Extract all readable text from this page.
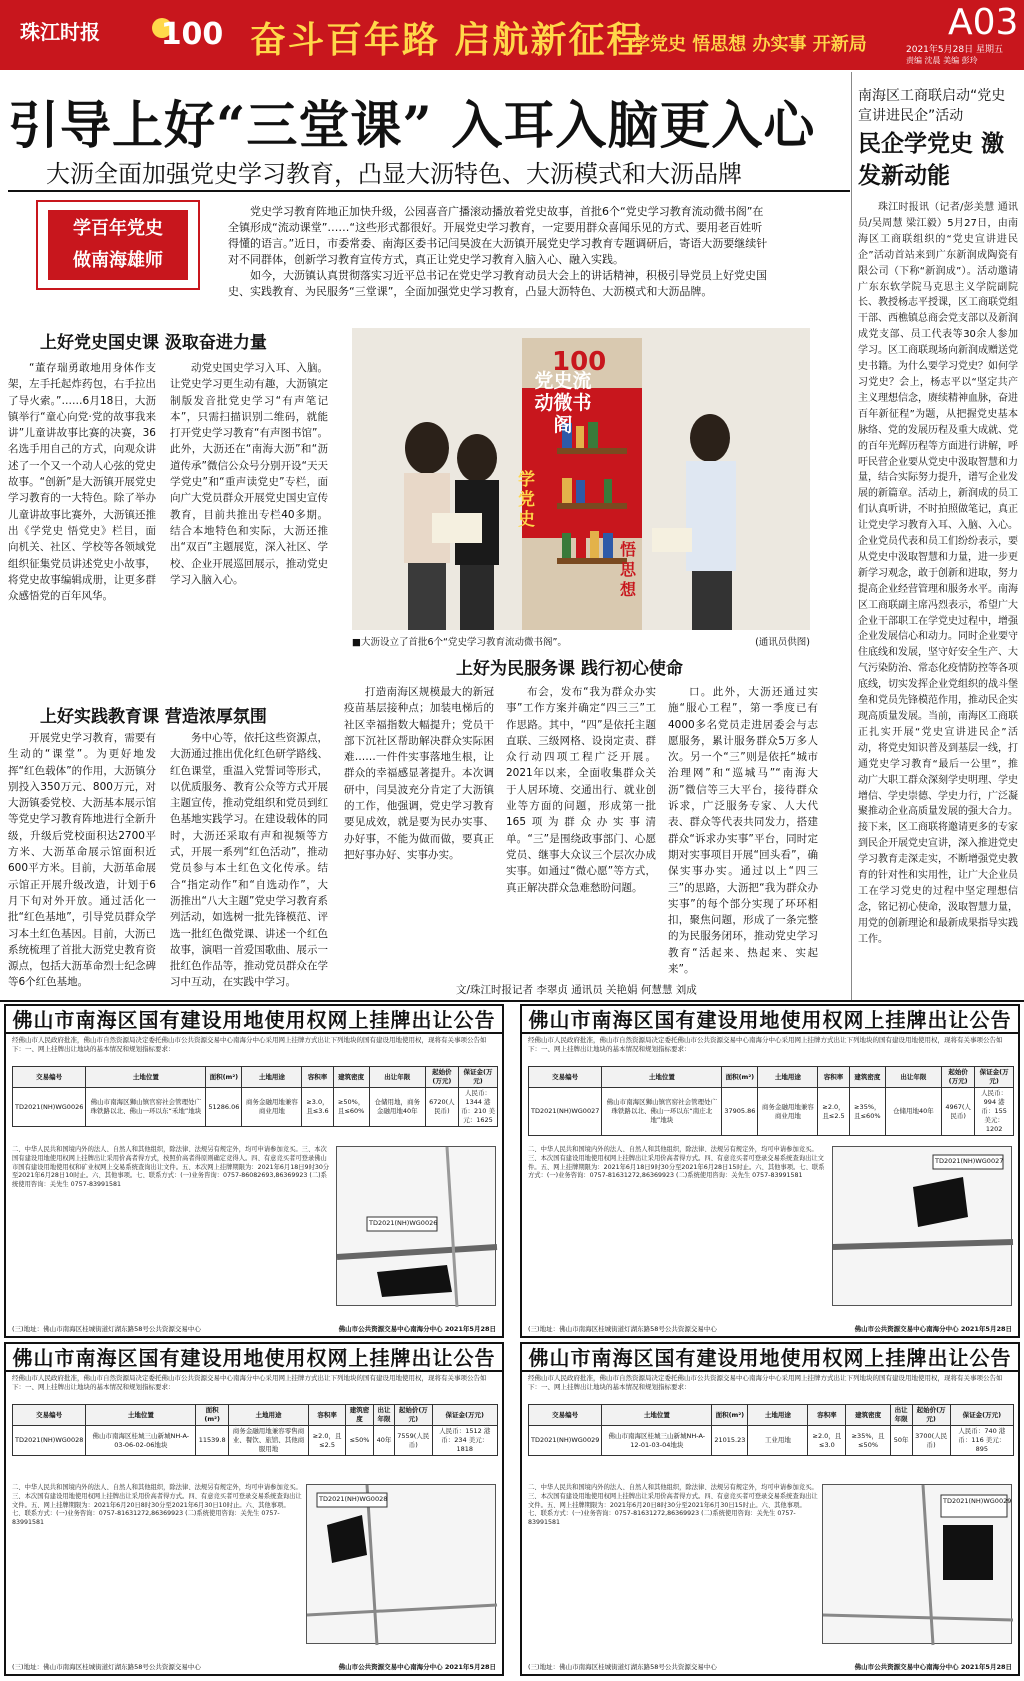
珠江时报 100 奋斗百年路 启航新征程
学党史 悟思想 办实事 开新局
A03
2021年5月28日 星期五
责编 沈晨 美编 彭玲
引导上好“三堂课” 入耳入脑更入心
大沥全面加强党史学习教育，凸显大沥特色、大沥模式和大沥品牌
学百年党史
做南海雄师

党史学习教育阵地正加快升级，公园喜音广播滚动播放着党史故事，首批6个“党史学习教育流动微书阁”在全镇形成“流动课堂”……“这些形式都很好。开展党史学习教育，一定要用群众喜闻乐见的方式、要用老百姓听得懂的语言。”近日，市委常委、南海区委书记闫昊波在大沥镇开展党史学习教育专题调研后，寄语大沥要继续针对不同群体，创新学习教育宣传方式，真正让党史学习教育入脑入心、融入实践。

如今，大沥镇认真贯彻落实习近平总书记在党史学习教育动员大会上的讲话精神，积极引导党员上好党史国史、实践教育、为民服务“三堂课”，全面加强党史学习教育，凸显大沥特色、大沥模式和大沥品牌。

上好党史国史课 汲取奋进力量
“董存瑞勇敢地用身体作支架，左手托起炸药包，右手拉出了导火索。”……6月18日，大沥镇举行“童心向党·党的故事我来讲”儿童讲故事比赛的决赛，36名选手用自己的方式，向观众讲述了一个又一个动人心弦的党史故事。“创新”是大沥镇开展党史学习教育的一大特色。除了举办儿童讲故事比赛外，大沥镇还推出《学党史 悟党史》栏目，面向机关、社区、学校等各领域党组织征集党员讲述党史小故事，将党史故事编辑成册，让更多群众感悟党的百年风华。
动党史国史学习入耳、入脑。让党史学习更生动有趣，大沥镇定制版发音批党史学习“有声笔记本”，只需扫描识别二维码，就能打开党史学习教育“有声图书馆”。此外，大沥还在“南海大沥”和“沥道传承”微信公众号分别开设“天天学党史”和“重声读党史”专栏，面向广大党员群众开展党史国史宣传教育，目前共推出专栏40多期。结合本地特色和实际，大沥还推出“双百”主题展览，深入社区、学校、企业开展巡回展示，推动党史学习入脑入心。
100
党史流动微书阁
学党史
悟思想
■大沥设立了首批6个“党史学习教育流动微书阁”。	(通讯员供图)
上好实践教育课 营造浓厚氛围
开展党史学习教育，需要有生动的“课堂”。为更好地发挥“红色载体”的作用，大沥镇分别投入350万元、800万元，对大沥镇委党校、大沥基本展示馆等党史学习教育阵地进行全新升级，升级后党校面积达2700平方米、大沥革命展示馆面积近600平方米。目前，大沥革命展示馆正开展升级改造，计划于6月下旬对外开放。通过活化一批“红色基地”，引导党员群众学习本土红色基因。目前，大沥已系统梳理了首批大沥党史教育资源点，包括大沥革命烈士纪念碑等6个红色基地。
务中心等，依托这些资源点，大沥通过推出优化红色研学路线、红色课堂，重温入党誓词等形式，以优质服务、教育公众等方式开展主题宣传，推动党组织和党员到红色基地实践学习。在建设载体的同时，大沥还采取有声和视频等方式，开展一系列“红色活动”，推动党员参与本土红色文化传承。结合“指定动作”和“自选动作”，大沥推出“八大主题”党史学习教育系列活动，如选树一批先锋模范、评选一批红色微党课、讲述一个红色故事，演唱一首爱国歌曲、展示一批红色作品等，推动党员群众在学习中互动，在实践中学习。
上好为民服务课 践行初心使命
打造南海区规模最大的新冠疫苗基层接种点；加装电梯后的社区幸福指数大幅提升；党员干部下沉社区帮助解决群众实际困难……一件件实事落地生根，让群众的幸福感显著提升。本次调研中，闫昊波充分肯定了大沥镇的工作，他强调，党史学习教育要见成效，就是要为民办实事、办好事，不能为做而做，要真正把好事办好、实事办实。
布会，发布“我为群众办实事”工作方案并确定“四三三”工作思路。其中，“四”是依托主题直联、三级网格、设岗定责、群众行动四项工程广泛开展。2021年以来，全面收集群众关于人居环境、交通出行、就业创业等方面的问题，形成第一批165项为群众办实事清单。“三”是围绕政事部门、心愿党员、继事大众议三个层次办成实事。如通过“微心愿”等方式，真正解决群众急难愁盼问题。
口。此外，大沥还通过实施“服心工程”，第一季度已有4000多名党员走进居委会与志愿服务，累计服务群众5万多人次。另一个“三”则是依托“城市治理网”和“巡城马”“南海大沥”微信等三大平台，接待群众诉求，广泛服务专家、人大代表、群众等代表共同发力，搭建群众“诉求办实事”平台，同时定期对实事项目开展“回头看”，确保实事办实。通过以上“四三三”的思路，大沥把“我为群众办实事”的每个部分实现了环环相扣，聚焦问题，形成了一条完整的为民服务闭环，推动党史学习教育“活起来、热起来、实起来”。
文/珠江时报记者 李翠贞 通讯员 关艳娟 何慧慧 刘成
南海区工商联启动“党史宣讲进民企”活动
民企学党史 激发新动能
珠江时报讯（记者/彭美慧 通讯员/吴周慧 梁江毅）5月27日，由南海区工商联组织的“党史宣讲进民企”活动首站来到广东新润成陶瓷有限公司（下称“新润成”）。活动邀请广东东软学院马克思主义学院副院长、教授杨志平授课，区工商联党组干部、西樵镇总商会党支部以及新润成党支部、员工代表等30余人参加学习。区工商联现场向新润成赠送党史书籍。为什么要学习党史？如何学习党史？会上，杨志平以“坚定共产主义理想信念，赓续精神血脉，奋进百年新征程”为题，从把握党史基本脉络、党的发展历程及重大成就、党的百年光辉历程等方面进行讲解，呼吁民营企业要从党史中汲取智慧和力量，结合实际努力提升，谱写企业发展的新篇章。活动上，新润成的员工们认真听讲，不时拍照做笔记，真正让党史学习教育入耳、入脑、入心。企业党员代表和员工们纷纷表示，要从党史中汲取智慧和力量，进一步更新学习观念，敢于创新和进取，努力提高企业经营管理和服务水平。南海区工商联副主席冯烈表示，希望广大企业干部职工在学党史过程中，增强企业发展信心和动力。同时企业要守住底线和发展，坚守好安全生产、大气污染防治、常态化疫情防控等各项底线，切实发挥企业党组织的战斗堡垒和党员先锋模范作用，推动民企实现高质量发展。当前，南海区工商联正扎实开展“党史宣讲进民企”活动，将党史知识普及到基层一线，打通党史学习教育“最后一公里”，推动广大职工群众深刻学史明理、学史增信、学史崇德、学史力行，广泛凝聚推动企业高质量发展的强大合力。接下来，区工商联将邀请更多的专家到民企开展党史宣讲，深入推进党史学习教育走深走实，不断增强党史教育的针对性和实用性，让广大企业员工在学习党史的过程中坚定理想信念，铭记初心使命，汲取智慧力量，用党的创新理论和最新成果指导实践工作。
佛山市南海区国有建设用地使用权网上挂牌出让公告
经佛山市人民政府批准，佛山市自然资源局决定委托佛山市公共资源交易中心南海分中心采用网上挂牌方式出让下列地块的国有建设用地使用权，现将有关事项公告如下：一、网上挂牌出让地块的基本情况和规划指标要求：
交易编号	土地位置	面积(m²)	土地用途	容积率	建筑密度	出让年限	起始价(万元)	保证金(万元)
TD2021(NH)WG0026	佛山市南海区狮山镇官窑社会管理处广珠铁路以北、佛山一环以东“禾地”地块	51286.06	商务金融用地兼容商业用地	≥3.0，且≤3.6	≥50%，且≤60%	仓储用地，商务金融用地40年	6720(人民币)	人民币：1344 港币：210 美元：1625
二、中华人民共和国境内外的法人、自然人和其他组织，除法律、法规另有规定外，均可申请参加竞买。三、本次国有建设用地使用权网上挂牌出让采用价高者得方式，按照价高者得原则确定竞得人。四、有意竞买者可登录佛山市国有建设用地使用权和矿业权网上交易系统查询出让文件。五、本次网上挂牌期限为：2021年6月18日9时30分至2021年6月28日10时止。六、其他事项。七、联系方式：(一)业务咨询：0757-86082693,86369923 (二)系统使用咨询：关先生 0757-83991581
TD2021(NH)WG0026
(三)地址：佛山市南海区桂城街道灯湖东路58号公共资源交易中心	佛山市公共资源交易中心南海分中心 2021年5月28日
佛山市南海区国有建设用地使用权网上挂牌出让公告
经佛山市人民政府批准，佛山市自然资源局决定委托佛山市公共资源交易中心南海分中心采用网上挂牌方式出让下列地块的国有建设用地使用权，现将有关事项公告如下：一、网上挂牌出让地块的基本情况和规划指标要求：
交易编号	土地位置	面积(m²)	土地用途	容积率	建筑密度	出让年限	起始价(万元)	保证金(万元)
TD2021(NH)WG0027	佛山市南海区狮山镇官窑社会管理处广珠铁路以北、佛山一环以东“南庄北地”地块	37905.86	商务金融用地兼容商业用地	≥2.0，且≤2.5	≥35%，且≤60%	仓储用地40年	4967(人民币)	人民币：994 港币：155 美元：1202
二、中华人民共和国境内外的法人、自然人和其他组织，除法律、法规另有规定外，均可申请参加竞买。三、本次国有建设用地使用权网上挂牌出让采用价高者得方式。四、有意竞买者可登录交易系统查询出让文件。五、网上挂牌期限为：2021年6月18日9时30分至2021年6月28日15时止。六、其他事项。七、联系方式：(一)业务咨询：0757-81631272,86369923 (二)系统使用咨询：关先生 0757-83991581
TD2021(NH)WG0027
(三)地址：佛山市南海区桂城街道灯湖东路58号公共资源交易中心	佛山市公共资源交易中心南海分中心 2021年5月28日
佛山市南海区国有建设用地使用权网上挂牌出让公告
经佛山市人民政府批准，佛山市自然资源局决定委托佛山市公共资源交易中心南海分中心采用网上挂牌方式出让下列地块的国有建设用地使用权，现将有关事项公告如下：一、网上挂牌出让地块的基本情况和规划指标要求：
交易编号	土地位置	面积(m²)	土地用途	容积率	建筑密度	出让年限	起始价(万元)	保证金(万元)
TD2021(NH)WG0028	佛山市南海区桂城三山新城NH-A-03-06-02-06地块	11539.8	商务金融用地兼容零售商业、餐饮、旅馆、其他商服用地	≥2.0，且≤2.5	≤50%	40年	7559(人民币)	人民币：1512 港币：234 美元：1818
二、中华人民共和国境内外的法人、自然人和其他组织，除法律、法规另有规定外，均可申请参加竞买。三、本次国有建设用地使用权网上挂牌出让采用价高者得方式。四、有意竞买者可登录交易系统查询出让文件。五、网上挂牌期限为：2021年6月20日8时30分至2021年6月30日10时止。六、其他事项。七、联系方式：(一)业务咨询：0757-81631272,86369923 (二)系统使用咨询：关先生 0757-83991581
TD2021(NH)WG0028
(三)地址：佛山市南海区桂城街道灯湖东路58号公共资源交易中心	佛山市公共资源交易中心南海分中心 2021年5月28日
佛山市南海区国有建设用地使用权网上挂牌出让公告
经佛山市人民政府批准，佛山市自然资源局决定委托佛山市公共资源交易中心南海分中心采用网上挂牌方式出让下列地块的国有建设用地使用权，现将有关事项公告如下：一、网上挂牌出让地块的基本情况和规划指标要求：
交易编号	土地位置	面积(m²)	土地用途	容积率	建筑密度	出让年限	起始价(万元)	保证金(万元)
TD2021(NH)WG0029	佛山市南海区桂城三山新城NH-A-12-01-03-04地块	21015.23	工业用地	≥2.0，且≤3.0	≥35%，且≤50%	50年	3700(人民币)	人民币：740 港币：116 美元：895
二、中华人民共和国境内外的法人、自然人和其他组织，除法律、法规另有规定外，均可申请参加竞买。三、本次国有建设用地使用权网上挂牌出让采用价高者得方式。四、有意竞买者可登录交易系统查询出让文件。五、网上挂牌期限为：2021年6月20日8时30分至2021年6月30日15时止。六、其他事项。七、联系方式：(一)业务咨询：0757-81631272,86369923 (二)系统使用咨询：关先生 0757-83991581
TD2021(NH)WG0029
(三)地址：佛山市南海区桂城街道灯湖东路58号公共资源交易中心	佛山市公共资源交易中心南海分中心 2021年5月28日
